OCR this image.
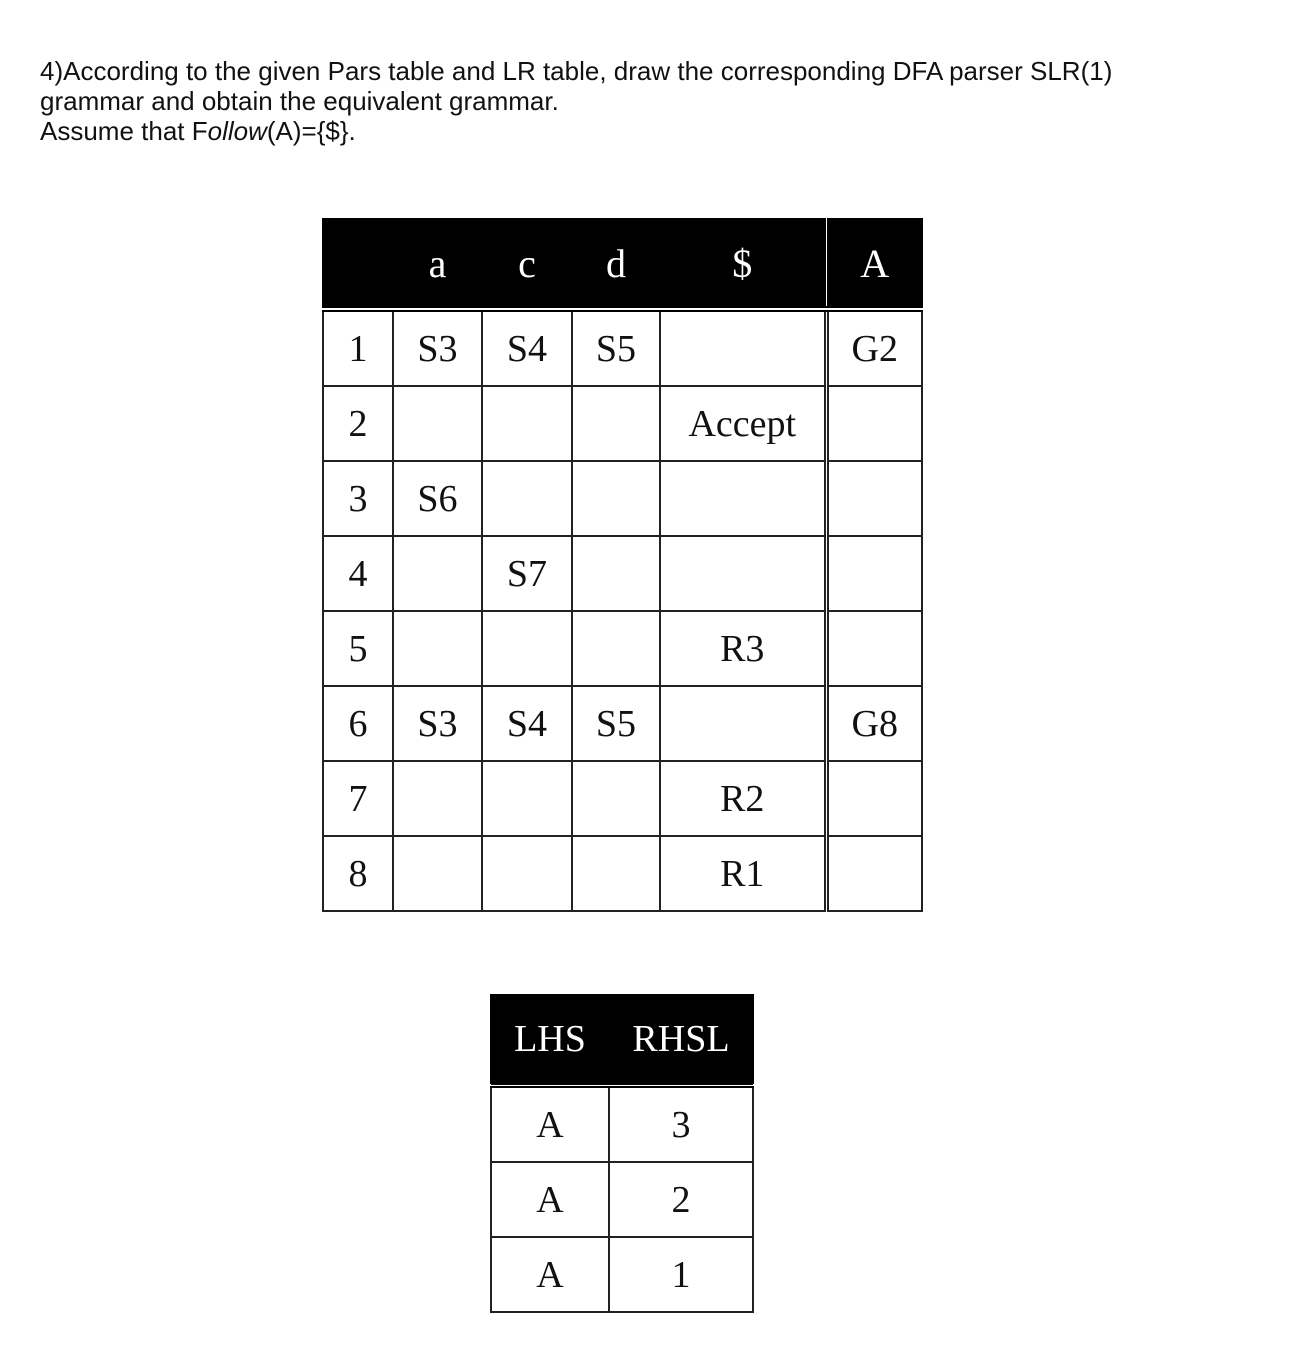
4)According to the given Pars table and LR table, draw the corresponding DFA parser SLR(1)
grammar and obtain the equivalent grammar.
Assume that Follow(A)={$}.
	a	c	d	$	A
1	S3	S4	S5		G2
2				Accept	
3	S6				
4		S7			
5				R3	
6	S3	S4	S5		G8
7				R2	
8				R1	
LHS	RHSL
A	3
A	2
A	1
